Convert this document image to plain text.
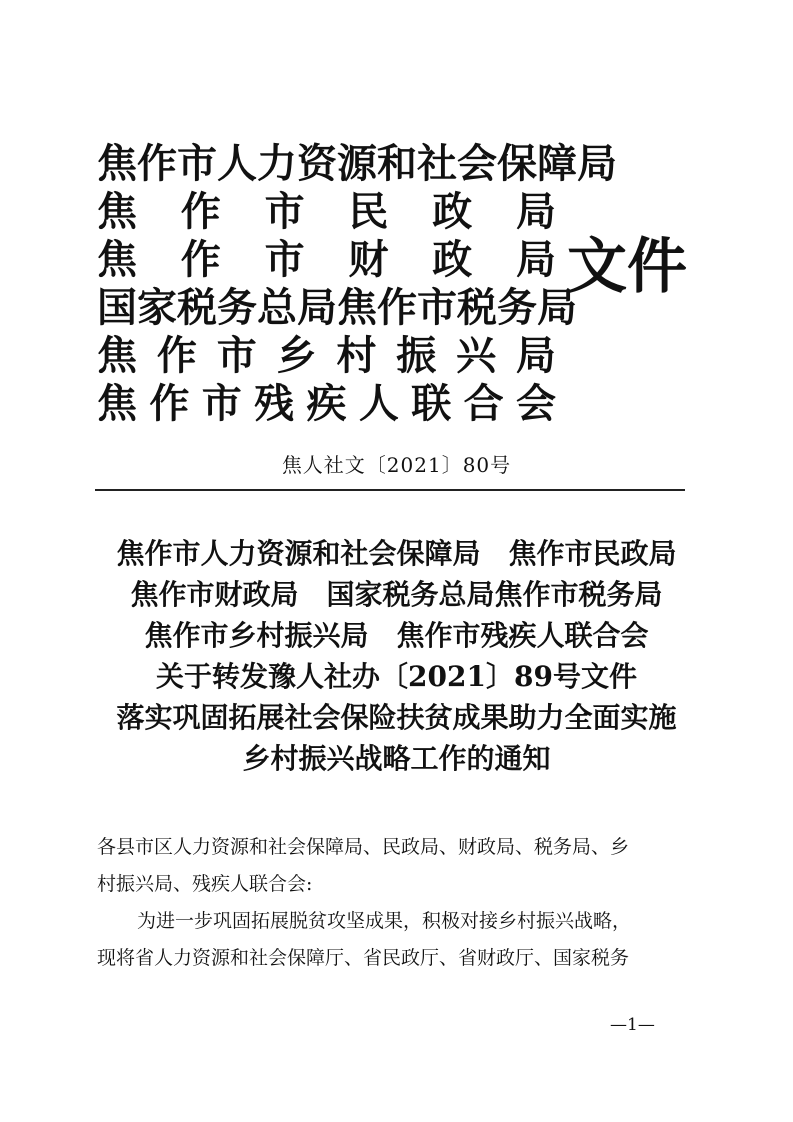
焦作市人力资源和社会保障局
焦 作 市 民 政 局
焦 作 市 财 政 局
国家税务总局焦作市税务局
焦 作 市 乡 村 振 兴 局
焦 作 市 残 疾 人 联 合 会
文件
焦人社文〔2021〕80号
焦作市人力资源和社会保障局　焦作市民政局
焦作市财政局　国家税务总局焦作市税务局
焦作市乡村振兴局　焦作市残疾人联合会
关于转发豫人社办〔2021〕89号文件
落实巩固拓展社会保险扶贫成果助力全面实施
乡村振兴战略工作的通知
各县市区人力资源和社会保障局、民政局、财政局、税务局、乡
村振兴局、残疾人联合会:
为进一步巩固拓展脱贫攻坚成果，积极对接乡村振兴战略，
现将省人力资源和社会保障厅、省民政厅、省财政厅、国家税务
—1—
